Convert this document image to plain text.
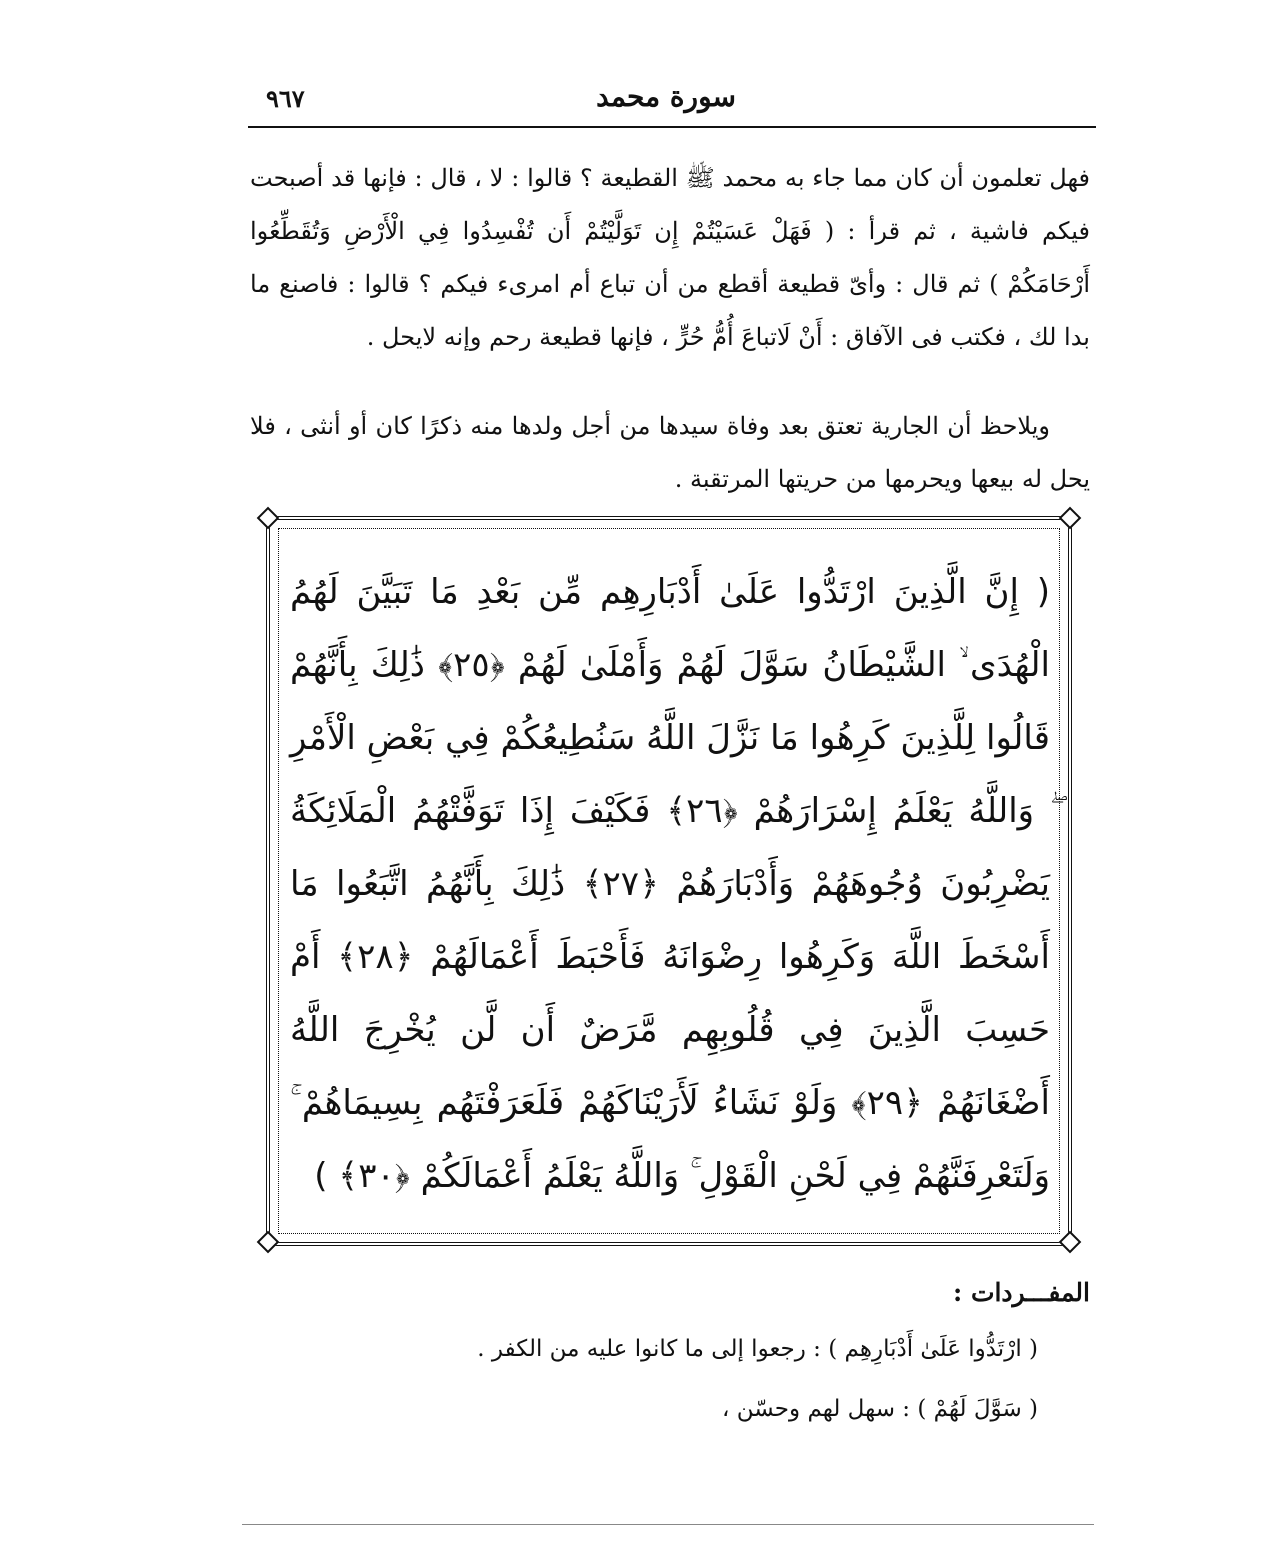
سورة محمد
٩٦٧

فهل تعلمون أن كان مما جاء به محمد ﷺ القطيعة ؟ قالوا : لا ، قال : فإنها قد أصبحت فيكم فاشية ، ثم قرأ : ( فَهَلْ عَسَيْتُمْ إِن تَوَلَّيْتُمْ أَن تُفْسِدُوا فِي الْأَرْضِ وَتُقَطِّعُوا أَرْحَامَكُمْ ) ثم قال : وأىّ قطيعة أقطع من أن تباع أم امرىء فيكم ؟ قالوا : فاصنع ما بدا لك ، فكتب فى الآفاق : أَنْ لَاتباعَ أُمُّ حُرٍّ ، فإنها قطيعة رحم وإنه لايحل .

ويلاحظ أن الجارية تعتق بعد وفاة سيدها من أجل ولدها منه ذكرًا كان أو أنثى ، فلا يحل له بيعها ويحرمها من حريتها المرتقبة .

( إِنَّ الَّذِينَ ارْتَدُّوا عَلَىٰ أَدْبَارِهِم مِّن بَعْدِ مَا تَبَيَّنَ لَهُمُ الْهُدَى ۙ الشَّيْطَانُ سَوَّلَ لَهُمْ وَأَمْلَىٰ لَهُمْ ﴿٢٥﴾ ذَٰلِكَ بِأَنَّهُمْ قَالُوا لِلَّذِينَ كَرِهُوا مَا نَزَّلَ اللَّهُ سَنُطِيعُكُمْ فِي بَعْضِ الْأَمْرِ ۖ وَاللَّهُ يَعْلَمُ إِسْرَارَهُمْ ﴿٢٦﴾ فَكَيْفَ إِذَا تَوَفَّتْهُمُ الْمَلَائِكَةُ يَضْرِبُونَ وُجُوهَهُمْ وَأَدْبَارَهُمْ ﴿٢٧﴾ ذَٰلِكَ بِأَنَّهُمُ اتَّبَعُوا مَا أَسْخَطَ اللَّهَ وَكَرِهُوا رِضْوَانَهُ فَأَحْبَطَ أَعْمَالَهُمْ ﴿٢٨﴾ أَمْ حَسِبَ الَّذِينَ فِي قُلُوبِهِم مَّرَضٌ أَن لَّن يُخْرِجَ اللَّهُ أَضْغَانَهُمْ ﴿٢٩﴾ وَلَوْ نَشَاءُ لَأَرَيْنَاكَهُمْ فَلَعَرَفْتَهُم بِسِيمَاهُمْ ۚ وَلَتَعْرِفَنَّهُمْ فِي لَحْنِ الْقَوْلِ ۚ وَاللَّهُ يَعْلَمُ أَعْمَالَكُمْ ﴿٣٠﴾ )

المفـــردات :
( ارْتَدُّوا عَلَىٰ أَدْبَارِهِم ) : رجعوا إلى ما كانوا عليه من الكفر .
( سَوَّلَ لَهُمْ ) : سهل لهم وحسّن ،
